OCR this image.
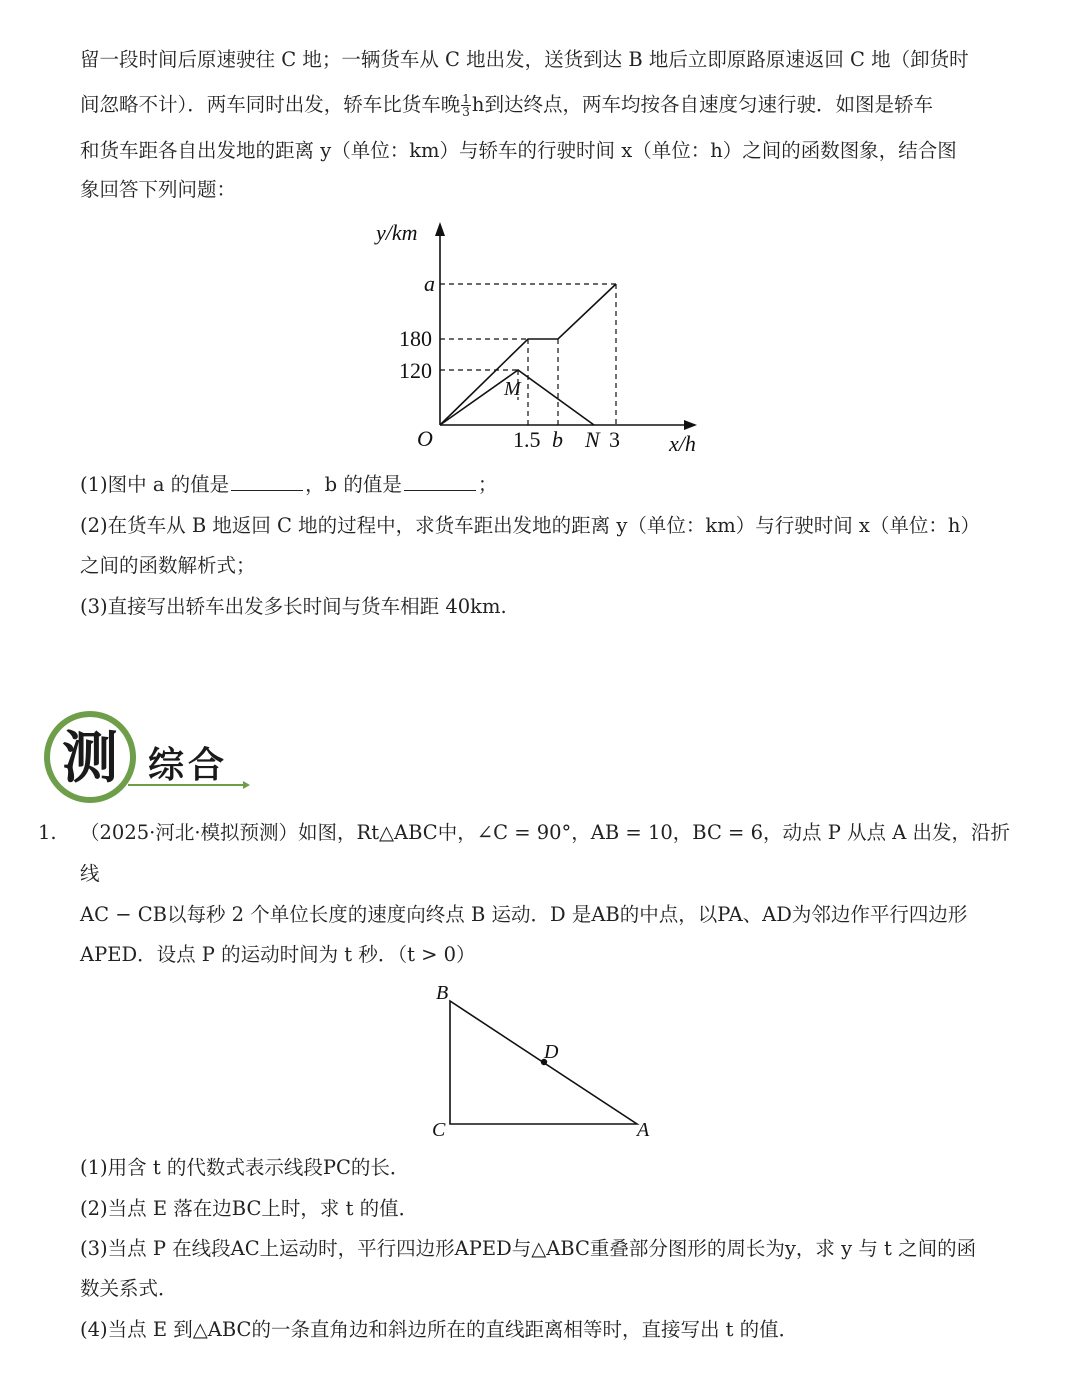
留一段时间后原速驶往 C 地；一辆货车从 C 地出发，送货到达 B 地后立即原路原速返回 C 地（卸货时
间忽略不计）．两车同时出发，轿车比货车晚 $\frac{1}{3}$ h到达终点，两车均按各自速度匀速行驶．如图是轿车
和货车距各自出发地的距离 y（单位：km）与轿车的行驶时间 x（单位：h）之间的函数图象，结合图
象回答下列问题：
y/km
x/h
O
a
180
120
1.5 b N 3
M
(1)图中 a 的值是	，b 的值是	；
(2)在货车从 B 地返回 C 地的过程中，求货车距出发地的距离 y（单位：km）与行驶时间 x（单位：h）
之间的函数解析式；
(3)直接写出轿车出发多长时间与货车相距 40km.
测 综合
1. （2025·河北·模拟预测）如图，Rt△ABC中，∠C = 90°，AB = 10，BC = 6，动点 P 从点 A 出发，沿折
线
AC − CB以每秒 2 个单位长度的速度向终点 B 运动．D 是AB的中点，以PA、AD为邻边作平行四边形
APED．设点 P 的运动时间为 t 秒．（t > 0）
B
D
C	A
(1)用含 t 的代数式表示线段PC的长．
(2)当点 E 落在边BC上时，求 t 的值．
(3)当点 P 在线段AC上运动时，平行四边形APED与△ABC重叠部分图形的周长为y，求 y 与 t 之间的函
数关系式．
(4)当点 E 到△ABC的一条直角边和斜边所在的直线距离相等时，直接写出 t 的值．
